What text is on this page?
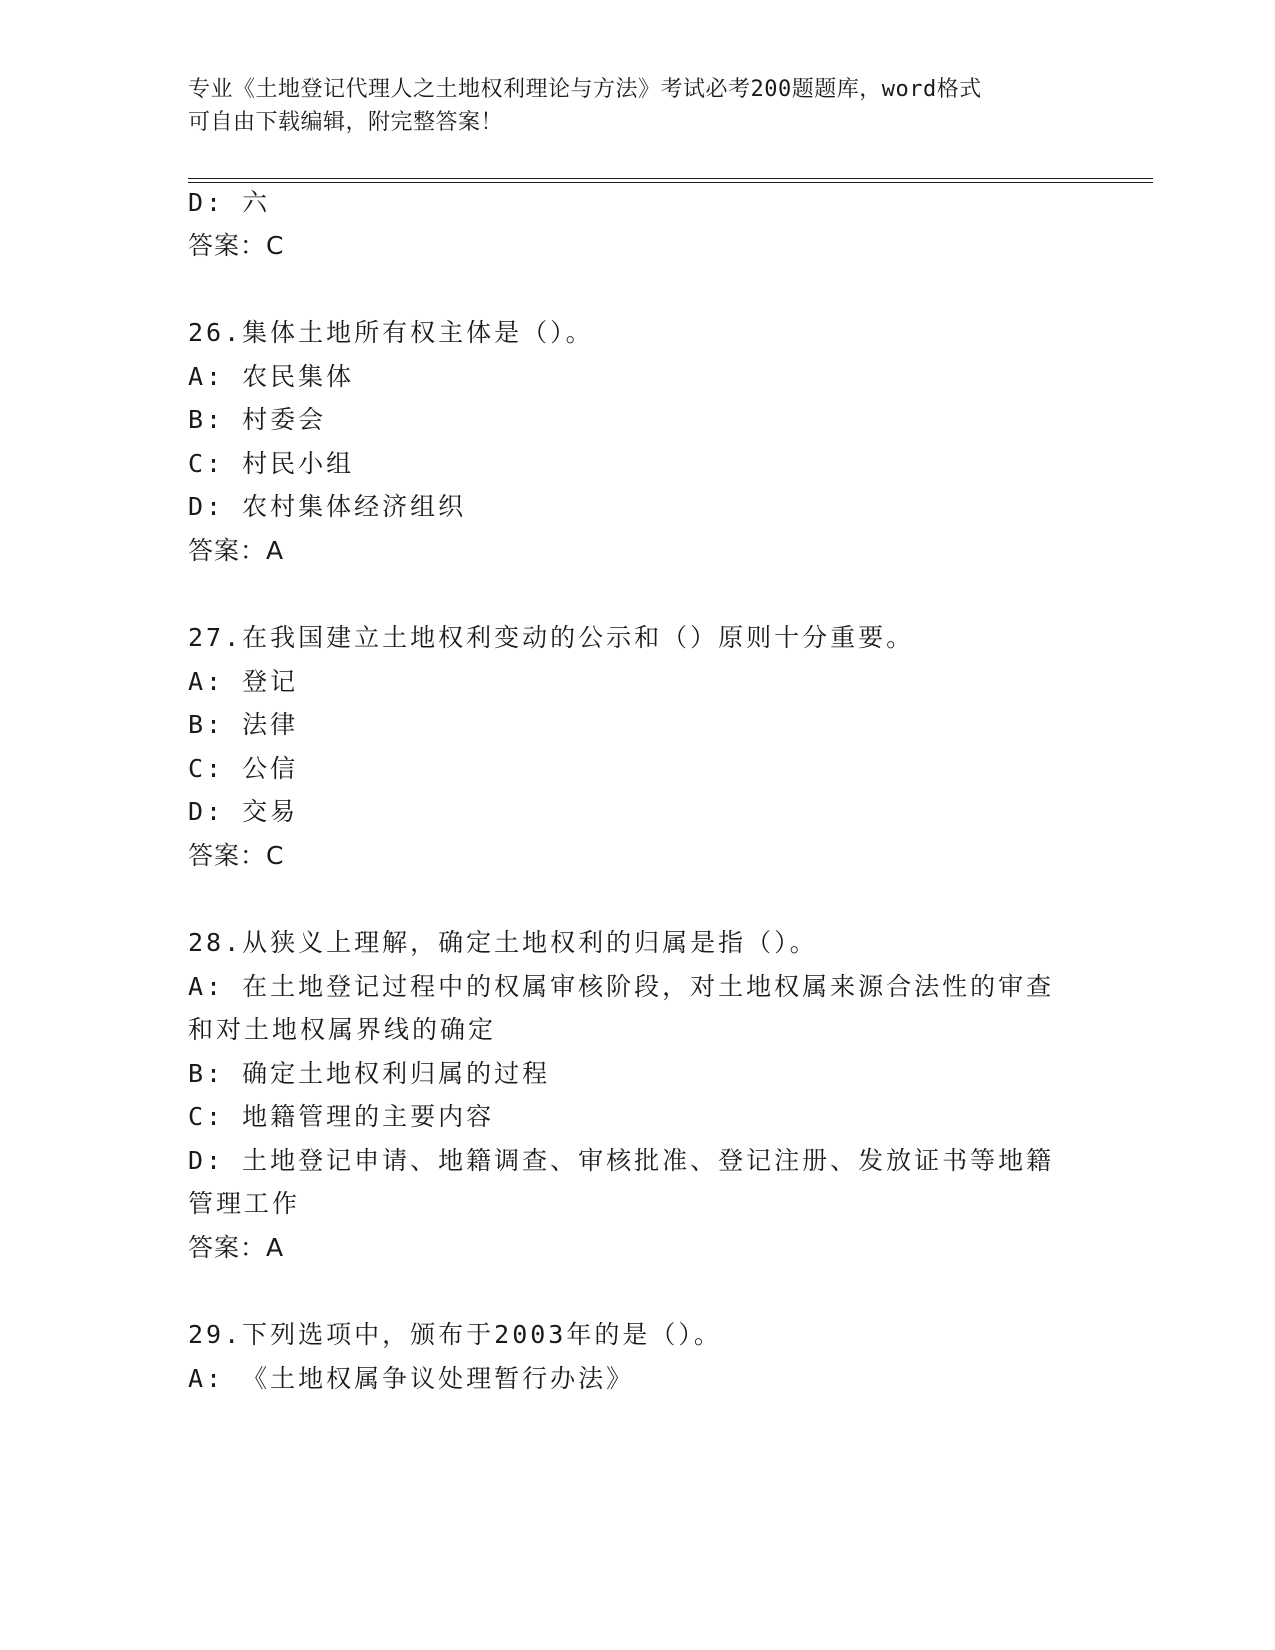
专业《土地登记代理人之土地权利理论与方法》考试必考200题题库，word格式
可自由下载编辑，附完整答案！
D: 六
答案：C
26.集体土地所有权主体是（）。
A: 农民集体
B: 村委会
C: 村民小组
D: 农村集体经济组织
答案：A
27.在我国建立土地权利变动的公示和（）原则十分重要。
A: 登记
B: 法律
C: 公信
D: 交易
答案：C
28.从狭义上理解，确定土地权利的归属是指（）。
A: 在土地登记过程中的权属审核阶段，对土地权属来源合法性的审查
和对土地权属界线的确定
B: 确定土地权利归属的过程
C: 地籍管理的主要内容
D: 土地登记申请、地籍调查、审核批准、登记注册、发放证书等地籍
管理工作
答案：A
29.下列选项中，颁布于2003年的是（）。
A: 《土地权属争议处理暂行办法》
